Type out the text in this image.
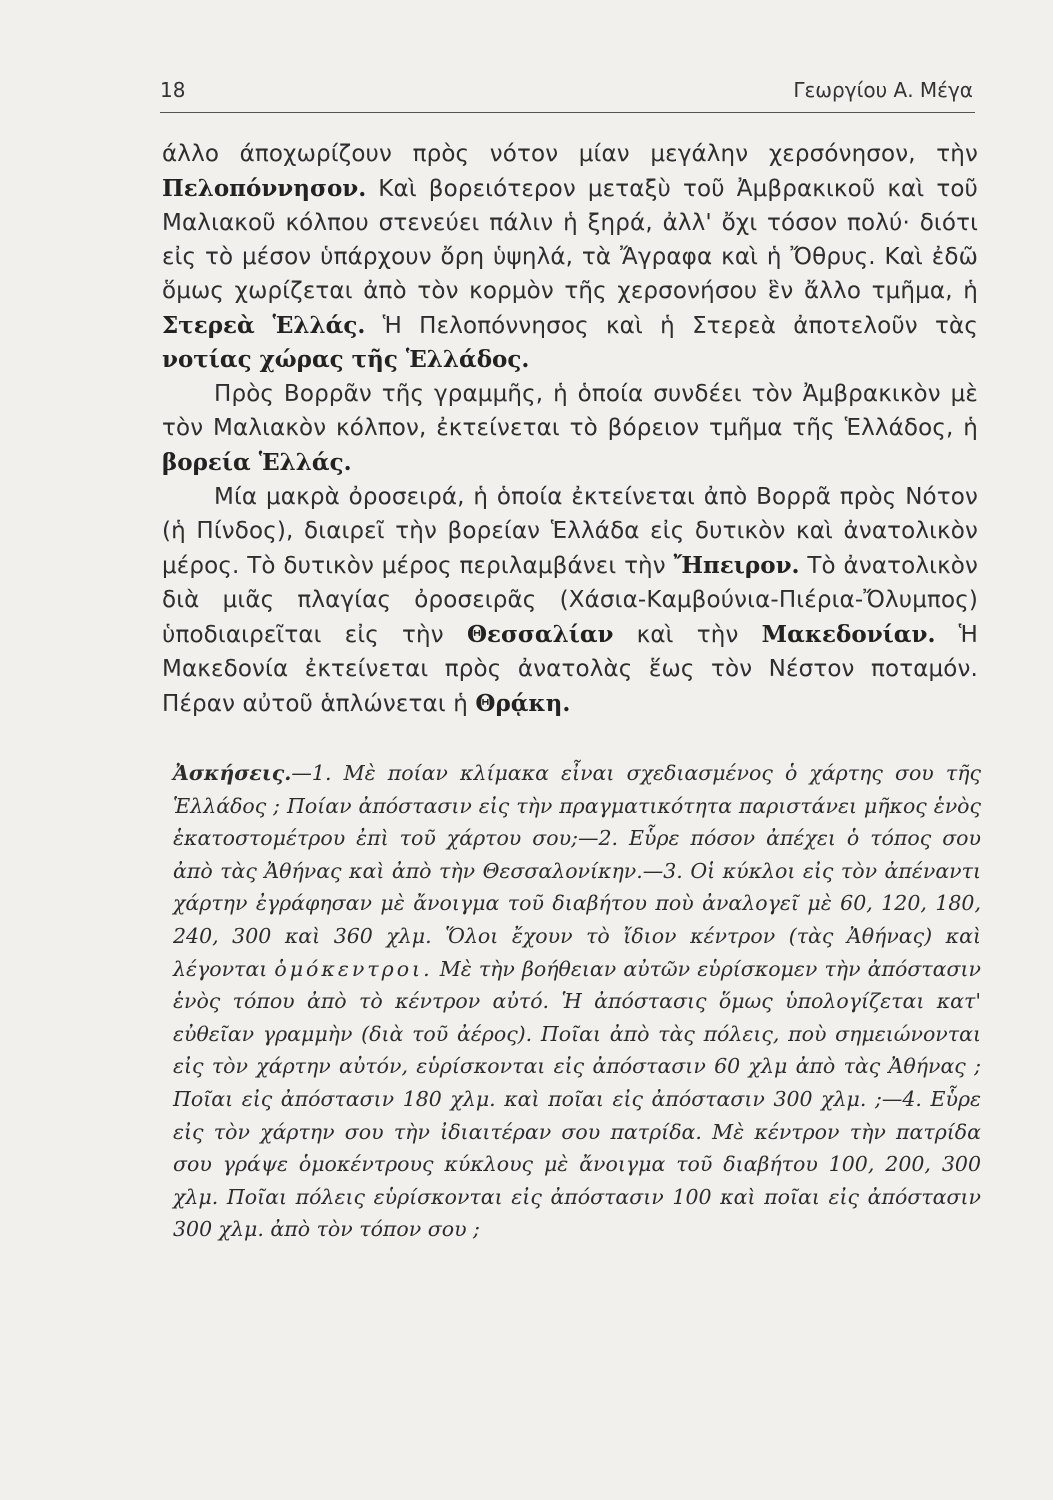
18	Γεωργίου Α. Μέγα

άλλο άποχωρίζουν πρὸς νότον μίαν μεγάλην χερσόνησον, τὴν Πελοπόννησον. Καὶ βορειότερον μεταξὺ τοῦ Ἀμβρακικοῦ καὶ τοῦ Μαλιακοῦ κόλπου στενεύει πάλιν ἡ ξηρά, ἀλλ' ὄχι τόσον πολύ· διότι εἰς τὸ μέσον ὑπάρχουν ὄρη ὑψηλά, τὰ Ἄγραφα καὶ ἡ Ὄθρυς. Καὶ ἐδῶ ὅμως χωρίζεται ἀπὸ τὸν κορμὸν τῆς χερσονήσου ἓν ἄλλο τμῆμα, ἡ Στερεὰ Ἑλλάς. Ἡ Πελοπόννησος καὶ ἡ Στερεὰ ἀποτελοῦν τὰς νοτίας χώρας τῆς Ἑλλάδος.

Πρὸς Βορρᾶν τῆς γραμμῆς, ἡ ὁποία συνδέει τὸν Ἀμβρακικὸν μὲ τὸν Μαλιακὸν κόλπον, ἐκτείνεται τὸ βόρειον τμῆμα τῆς Ἑλλάδος, ἡ βορεία Ἑλλάς.

Μία μακρὰ ὀροσειρά, ἡ ὁποία ἐκτείνεται ἀπὸ Βορρᾶ πρὸς Νότον (ἡ Πίνδος), διαιρεῖ τὴν βορείαν Ἑλλάδα εἰς δυτικὸν καὶ ἀνατολικὸν μέρος. Τὸ δυτικὸν μέρος περιλαμβάνει τὴν Ἤπειρον. Τὸ ἀνατολικὸν διὰ μιᾶς πλαγίας ὀροσειρᾶς (Χάσια-Καμβούνια-Πιέρια-Ὄλυμπος) ὑποδιαιρεῖται εἰς τὴν Θεσσαλίαν καὶ τὴν Μακεδονίαν. Ἡ Μακεδονία ἐκτείνεται πρὸς ἀνατολὰς ἕως τὸν Νέστον ποταμόν. Πέραν αὐτοῦ ἁπλώνεται ἡ Θρᾴκη.

Ἀσκήσεις.—1. Μὲ ποίαν κλίμακα εἶναι σχεδιασμένος ὁ χάρτης σου τῆς Ἑλλάδος ; Ποίαν ἀπόστασιν εἰς τὴν πραγματικότητα παριστάνει μῆκος ἑνὸς ἑκατοστομέτρου ἐπὶ τοῦ χάρτου σου;—2. Εὗρε πόσον ἀπέχει ὁ τόπος σου ἀπὸ τὰς Ἀθήνας καὶ ἀπὸ τὴν Θεσσαλονίκην.—3. Οἱ κύκλοι εἰς τὸν ἀπέναντι χάρτην ἐγράφησαν μὲ ἄνοιγμα τοῦ διαβήτου ποὺ ἀναλογεῖ μὲ 60, 120, 180, 240, 300 καὶ 360 χλμ. Ὅλοι ἔχουν τὸ ἴδιον κέντρον (τὰς Ἀθήνας) καὶ λέγονται ὁμόκεντροι. Μὲ τὴν βοήθειαν αὐτῶν εὑρίσκομεν τὴν ἀπόστασιν ἑνὸς τόπου ἀπὸ τὸ κέντρον αὐτό. Ἡ ἀπόστασις ὅμως ὑπολογίζεται κατ' εὐθεῖαν γραμμὴν (διὰ τοῦ ἀέρος). Ποῖαι ἀπὸ τὰς πόλεις, ποὺ σημειώνονται εἰς τὸν χάρτην αὐτόν, εὑρίσκονται εἰς ἀπόστασιν 60 χλμ ἀπὸ τὰς Ἀθήνας ; Ποῖαι εἰς ἀπόστασιν 180 χλμ. καὶ ποῖαι εἰς ἀπόστασιν 300 χλμ. ;—4. Εὗρε εἰς τὸν χάρτην σου τὴν ἰδιαιτέραν σου πατρίδα. Μὲ κέντρον τὴν πατρίδα σου γράψε ὁμοκέντρους κύκλους μὲ ἄνοιγμα τοῦ διαβήτου 100, 200, 300 χλμ. Ποῖαι πόλεις εὑρίσκονται εἰς ἀπόστασιν 100 καὶ ποῖαι εἰς ἀπόστασιν 300 χλμ. ἀπὸ τὸν τόπον σου ;
